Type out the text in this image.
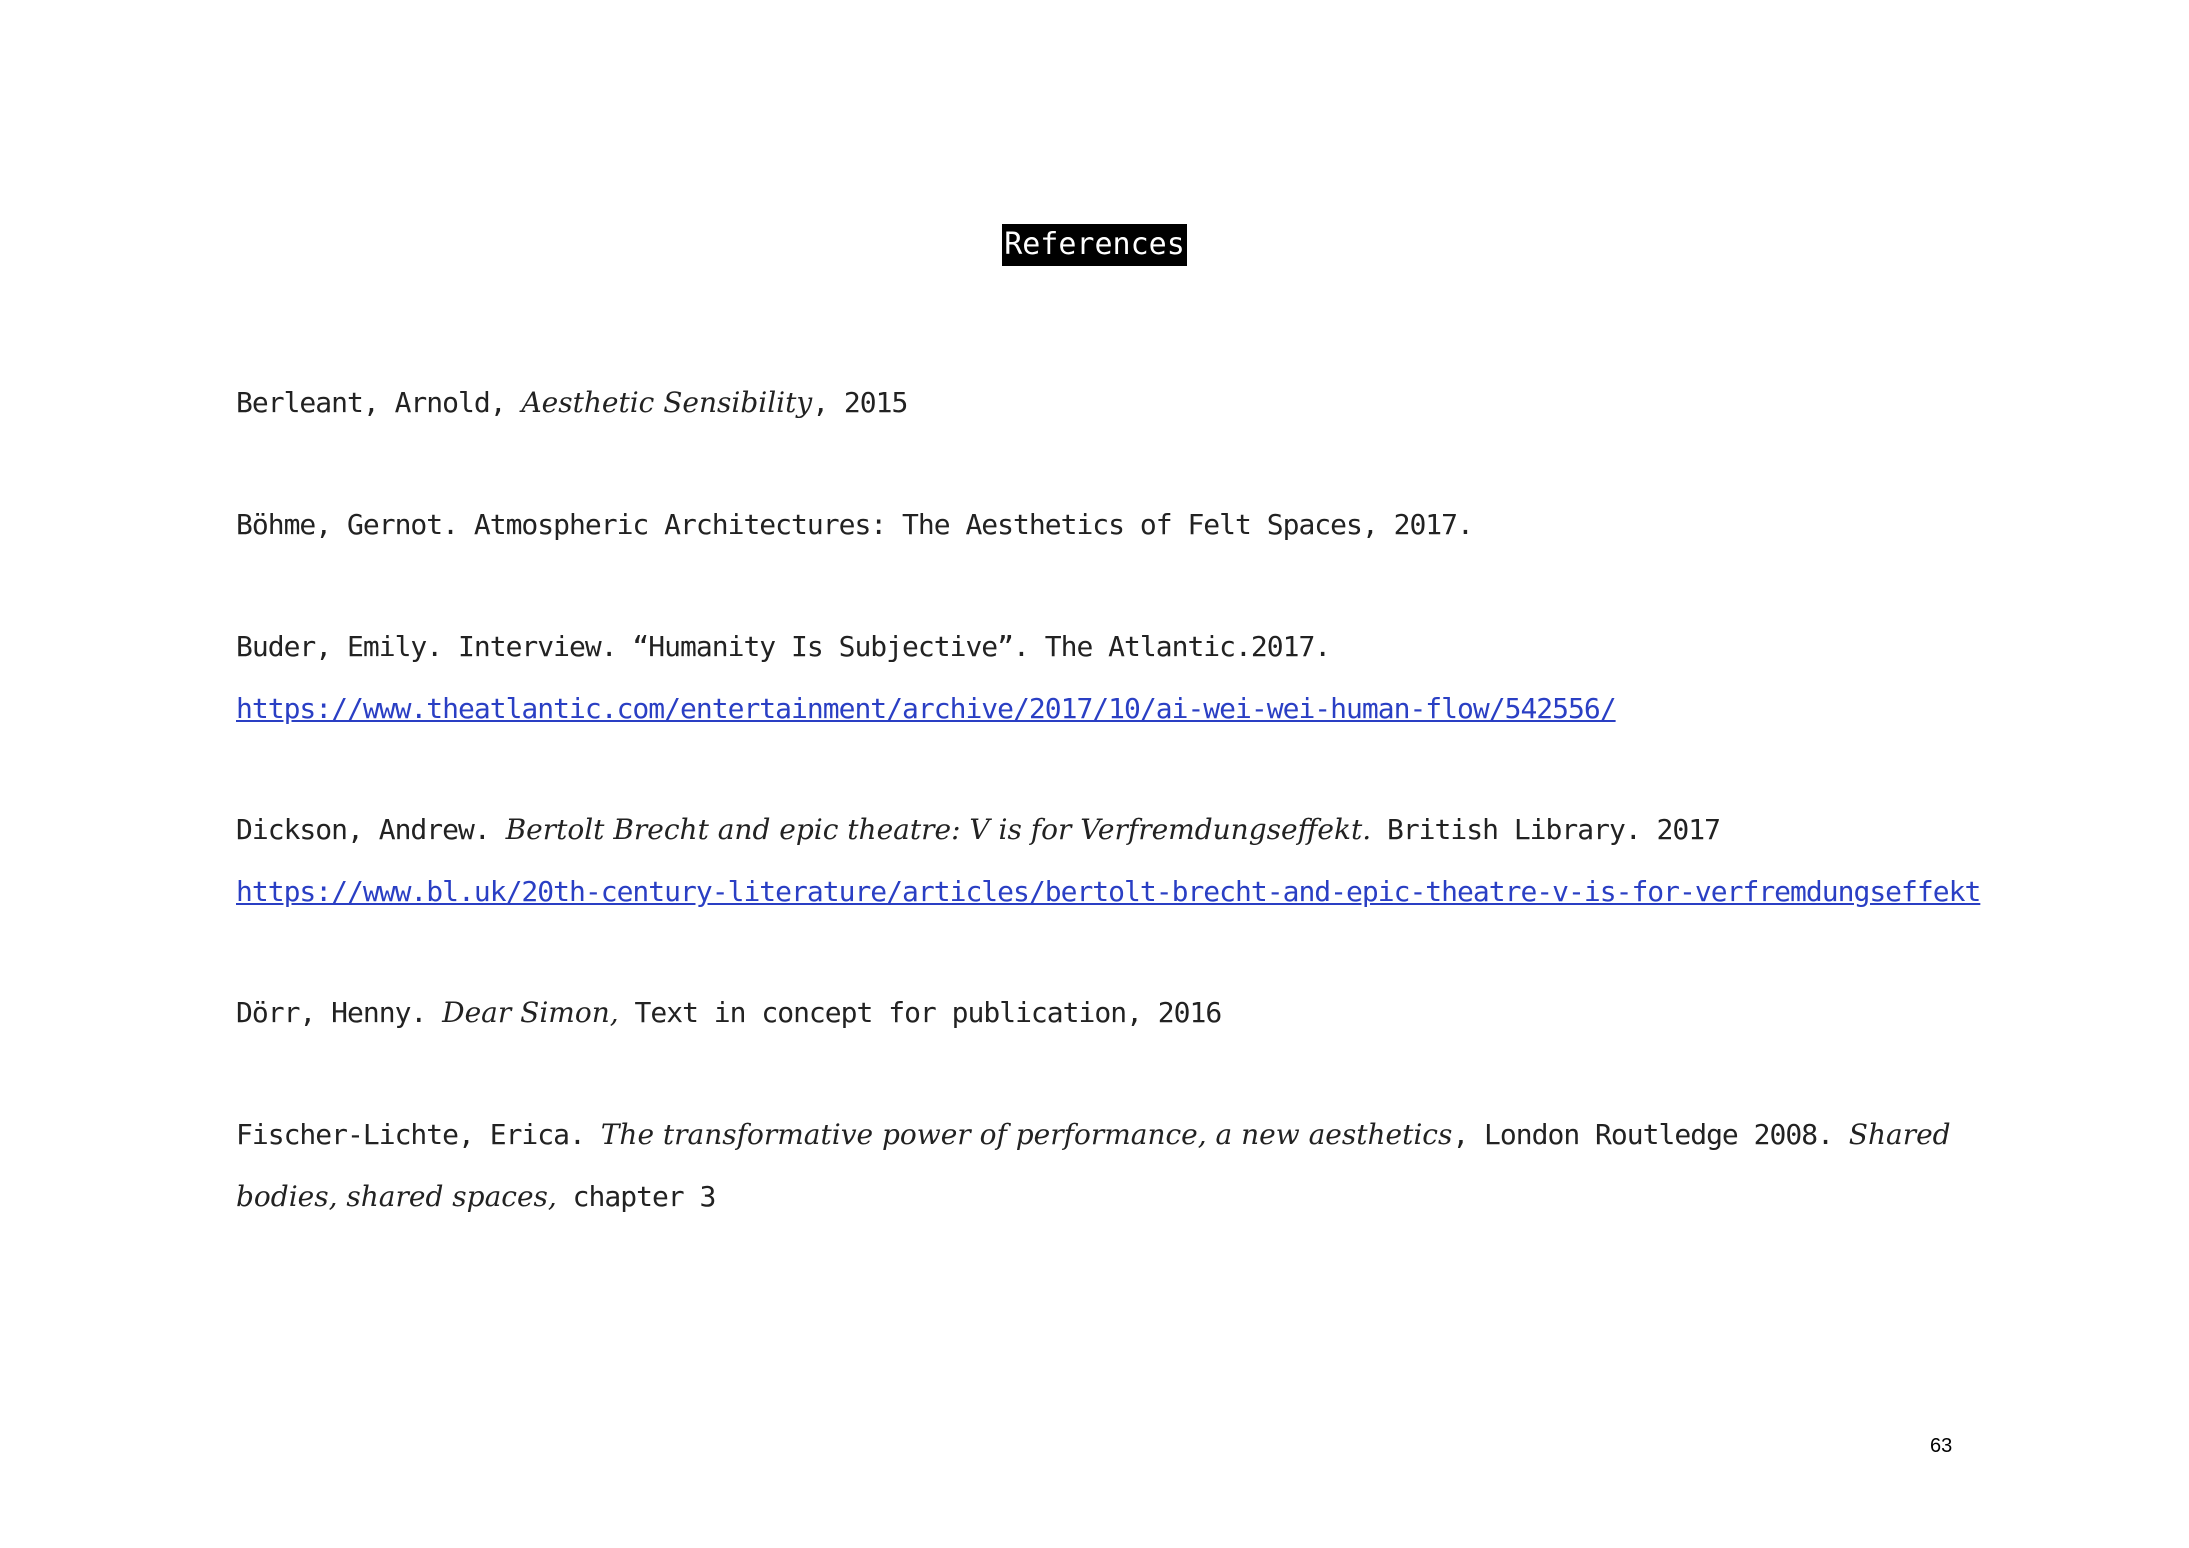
References
Berleant, Arnold, Aesthetic Sensibility, 2015
Böhme, Gernot. Atmospheric Architectures: The Aesthetics of Felt Spaces, 2017.
Buder, Emily. Interview. “Humanity Is Subjective”. The Atlantic.2017.
https://www.theatlantic.com/entertainment/archive/2017/10/ai-wei-wei-human-flow/542556/
Dickson, Andrew. Bertolt Brecht and epic theatre: V is for Verfremdungseffekt. British Library. 2017
https://www.bl.uk/20th-century-literature/articles/bertolt-brecht-and-epic-theatre-v-is-for-verfremdungseffekt
Dörr, Henny. Dear Simon, Text in concept for publication, 2016
Fischer-Lichte, Erica. The transformative power of performance, a new aesthetics, London Routledge 2008. Shared
bodies, shared spaces, chapter 3
63
